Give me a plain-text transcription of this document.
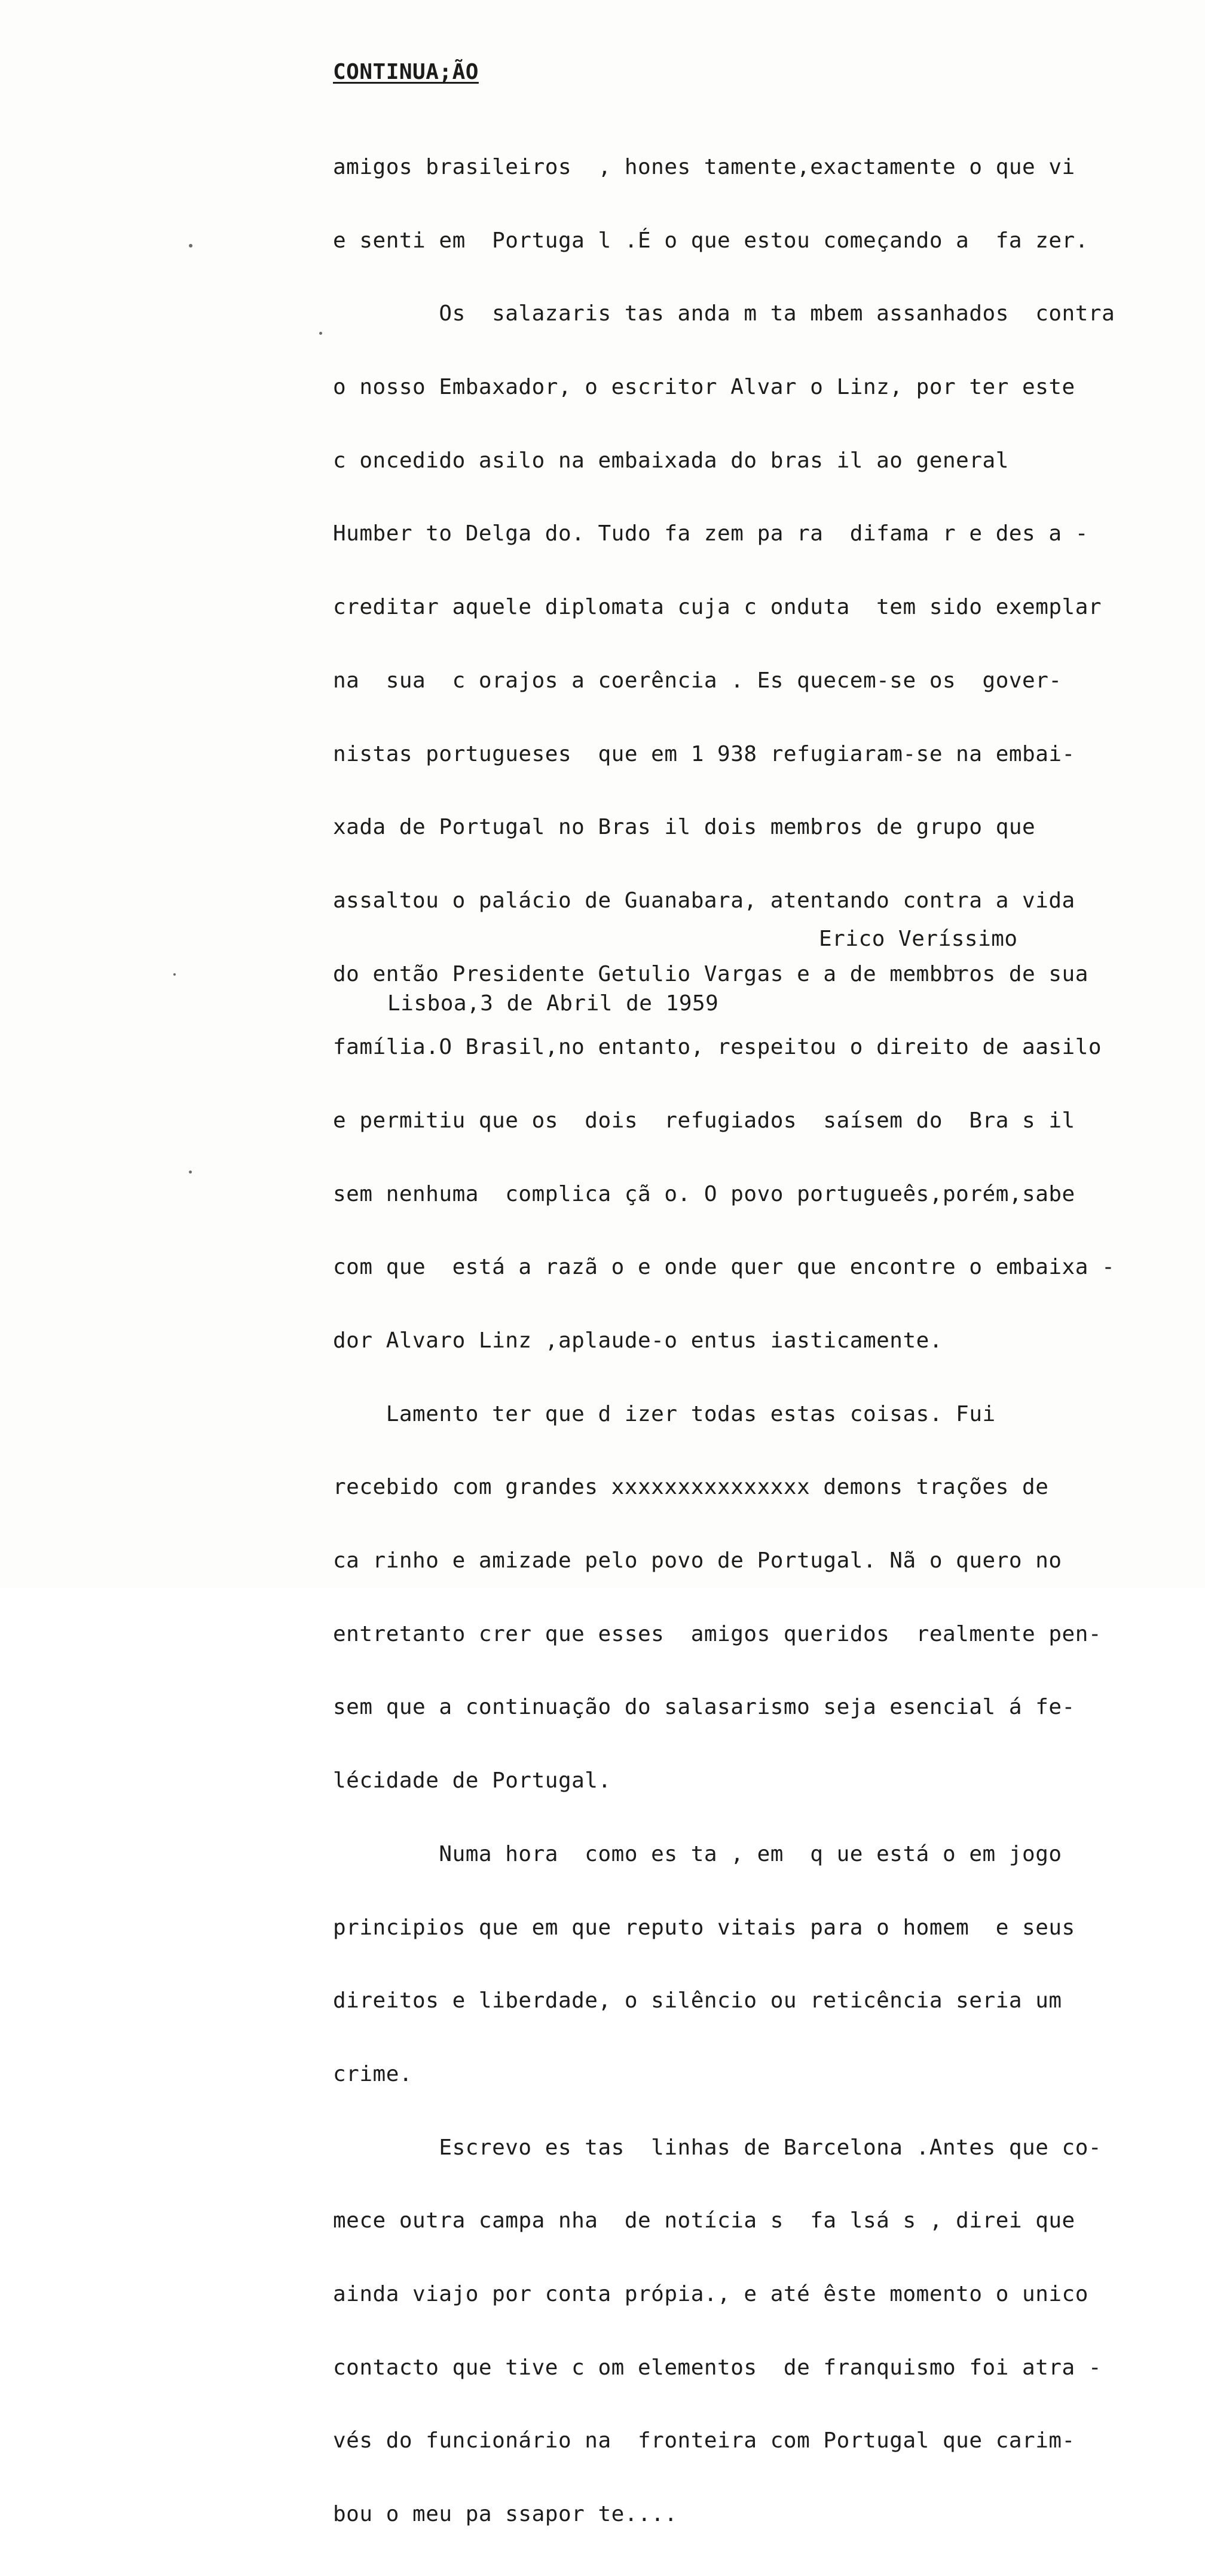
CONTINUA;ÃO

amigos brasileiros  , hones tamente,exactamente o que vi

e senti em  Portuga l .É o que estou começando a  fa zer.

Os  salazaris tas anda m ta mbem assanhados  contra

o nosso Embaxador, o escritor Alvar o Linz, por ter este

c oncedido asilo na embaixada do bras il ao general

Humber to Delga do. Tudo fa zem pa ra  difama r e des a -

creditar aquele diplomata cuja c onduta  tem sido exemplar

na  sua  c orajos a coerência . Es quecem-se os  gover-

nistas portugueses  que em 1 938 refugiaram-se na embai-

xada de Portugal no Bras il dois membros de grupo que

assaltou o palácio de Guanabara, atentando contra a vida

do então Presidente Getulio Vargas e a de membbros de sua

família.O Brasil,no entanto, respeitou o direito de aasilo

e permitiu que os  dois  refugiados  saísem do  Bra s il

sem nenhuma  complica çã o. O povo portugueês,porém,sabe

com que  está a razã o e onde quer que encontre o embaixa -

dor Alvaro Linz ,aplaude-o entus iasticamente.

Lamento ter que d izer todas estas coisas. Fui

recebido com grandes xxxxxxxxxxxxxxx demons trações de

ca rinho e amizade pelo povo de Portugal. Nã o quero no

entretanto crer que esses  amigos queridos  realmente pen-

sem que a continuação do salasarismo seja esencial á fe-

lécidade de Portugal.

Numa hora  como es ta , em  q ue está o em jogo

principios que em que reputo vitais para o homem  e seus

direitos e liberdade, o silêncio ou reticência seria um

crime.

Escrevo es tas  linhas de Barcelona .Antes que co-

mece outra campa nha  de notícia s  fa lsá s , direi que

ainda viajo por conta própia., e até êste momento o unico

contacto que tive c om elementos  de franquismo foi atra -

vés do funcionário na  fronteira com Portugal que carim-

bou o meu pa ssapor te....

Erico Veríssimo
Lisboa,3 de Abril de 1959
